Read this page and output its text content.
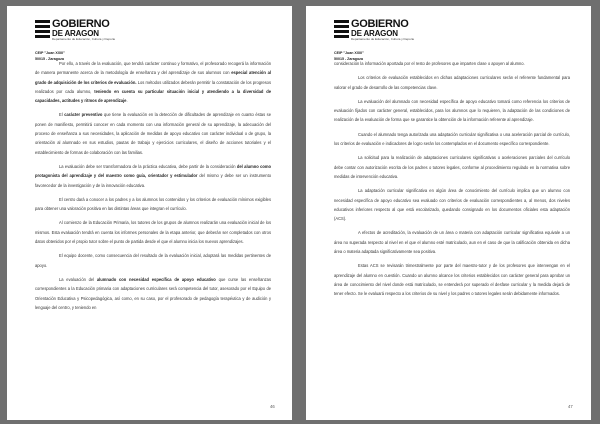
GOBIERNO
DE ARAGON
Departamento de Educación, Cultura y Deporte
CEIP "Juan XXIII"
50015 - Zaragoza

Por ello, a través de la evaluación, que tendrá carácter continuo y formativo, el profesorado recogerá la información de manera permanente acerca de la metodología de enseñanza y del aprendizaje de sus alumnos con especial atención al grado de adquisición de los criterios de evaluación. Los métodos utilizados deberán permitir la constatación de los progresos realizados por cada alumno, teniendo en cuenta su particular situación inicial y atendiendo a la diversidad de capacidades, actitudes y ritmos de aprendizaje.

El carácter preventivo que tiene la evaluación en la detección de dificultades de aprendizaje en cuanto éstas se ponen de manifiesto, permitirá conocer en cada momento con una información general de su aprendizaje, la adecuación del proceso de enseñanza a sus necesidades, la aplicación de medidas de apoyo educativo con carácter individual o de grupo, la orientación al alumnado en sus estudios, pautas de trabajo y ejercicios curriculares, el diseño de acciones tutoriales y el establecimiento de formas de colaboración con las familias.

La evaluación debe ser transformadora de la práctica educativa, debe partir de la consideración del alumno como protagonista del aprendizaje y del maestro como guía, orientador y estimulador del mismo y debe ser un instrumento favorecedor de la investigación y de la innovación educativa.

El centro dará a conocer a los padres y a los alumnos los contenidos y los criterios de evaluación mínimos exigibles para obtener una valoración positiva en las distintas áreas que integran el currículo.

Al comienzo de la Educación Primaria, los tutores de los grupos de alumnos realizarán una evaluación inicial de los mismos. Esta evaluación tendrá en cuenta los informes personales de la etapa anterior, que deberán ser completados con otros datos obtenidos por el propio tutor sobre el punto de partida desde el que el alumno inicia los nuevos aprendizajes.

El equipo docente, como consecuencia del resultado de la evaluación inicial, adoptará las medidas pertinentes de apoyo.

La evaluación del alumnado con necesidad específica de apoyo educativo que curse las enseñanzas correspondientes a la Educación primaria con adaptaciones curriculares será competencia del tutor, asesorado por el Equipo de Orientación Educativa y Psicopedagógica, así como, en su caso, por el profesorado de pedagogía terapéutica y de audición y lenguaje del centro, y teniendo en

46
GOBIERNO
DE ARAGON
Departamento de Educación, Cultura y Deporte
CEIP "Juan XXIII"
50015 - Zaragoza

consideración la información aportada por el resto de profesores que imparten clase o apoyen al alumno.

Los criterios de evaluación establecidos en dichas adaptaciones curriculares serán el referente fundamental para valorar el grado de desarrollo de las competencias clave.

La evaluación del alumnado con necesidad específica de apoyo educativo tomará como referencia los criterios de evaluación fijados con carácter general, establecidos, para los alumnos que lo requieren, la adaptación de las condiciones de realización de la evaluación de forma que se garantice la obtención de la información referente al aprendizaje.

Cuando el alumnado tenga autorizada una adaptación curricular significativa o una aceleración parcial de currículo, los criterios de evaluación e indicadores de logro serán los contemplados en el documento específico correspondiente.

La solicitud para la realización de adaptaciones curriculares significativas o aceleraciones parciales del currículo debe contar con autorización escrita de los padres o tutores legales, conforme al procedimiento regulado en la normativa sobre medidas de intervención educativa.

La adaptación curricular significativa en algún área de conocimiento del currículo implica que un alumno con necesidad específica de apoyo educativo sea evaluado con criterios de evaluación correspondientes a, al menos, dos niveles educativos inferiores respecto al que está escolarizado, quedando consignado en los documentos oficiales esta adaptación (ACS).

A efectos de acreditación, la evaluación de un área o materia con adaptación curricular significativa equivale a un área no superada respecto al nivel en el que el alumno esté matriculado, aun en el caso de que la calificación obtenida en dicha área o materia adaptada significativamente sea positiva.

Estas ACS se revisarán trimestralmente por parte del maestro-tutor y de los profesores que intervengan en el aprendizaje del alumno en cuestión. Cuando un alumno alcance los criterios establecidos con carácter general para aprobar un área de conocimiento del nivel donde está matriculado, se entenderá por superado el desfase curricular y la medida dejará de tener efecto. Se le evaluará respecto a los criterios de su nivel y los padres o tutores legales serán debidamente informados.

47
